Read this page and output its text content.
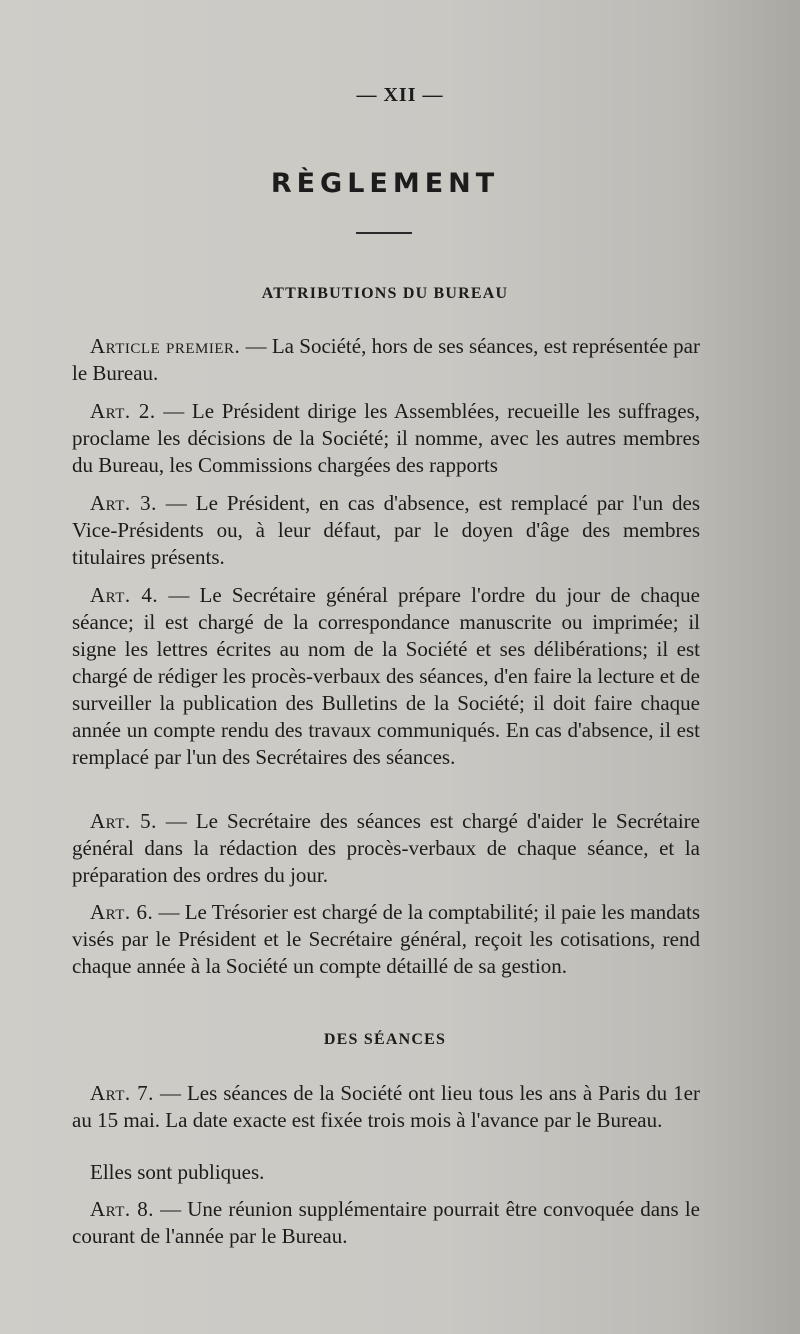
— XII —
RÈGLEMENT
ATTRIBUTIONS DU BUREAU
Article premier. — La Société, hors de ses séances, est représentée par le Bureau.
Art. 2. — Le Président dirige les Assemblées, recueille les suffrages, proclame les décisions de la Société; il nomme, avec les autres membres du Bureau, les Commissions chargées des rapports
Art. 3. — Le Président, en cas d'absence, est remplacé par l'un des Vice-Présidents ou, à leur défaut, par le doyen d'âge des membres titulaires présents.
Art. 4. — Le Secrétaire général prépare l'ordre du jour de chaque séance; il est chargé de la correspondance manuscrite ou imprimée; il signe les lettres écrites au nom de la Société et ses délibérations; il est chargé de rédiger les procès-verbaux des séances, d'en faire la lecture et de surveiller la publication des Bulletins de la Société; il doit faire chaque année un compte rendu des travaux communiqués. En cas d'absence, il est remplacé par l'un des Secrétaires des séances.
Art. 5. — Le Secrétaire des séances est chargé d'aider le Secrétaire général dans la rédaction des procès-verbaux de chaque séance, et la préparation des ordres du jour.
Art. 6. — Le Trésorier est chargé de la comptabilité; il paie les mandats visés par le Président et le Secrétaire général, reçoit les cotisations, rend chaque année à la Société un compte détaillé de sa gestion.
DES SÉANCES
Art. 7. — Les séances de la Société ont lieu tous les ans à Paris du 1er au 15 mai. La date exacte est fixée trois mois à l'avance par le Bureau.
Elles sont publiques.
Art. 8. — Une réunion supplémentaire pourrait être convoquée dans le courant de l'année par le Bureau.
